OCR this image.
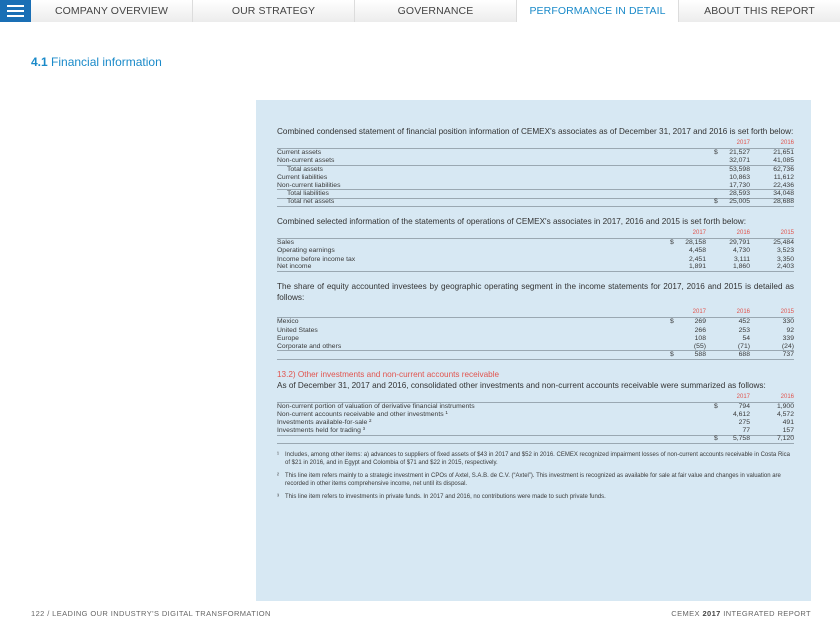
COMPANY OVERVIEW	OUR STRATEGY	GOVERNANCE	PERFORMANCE IN DETAIL	ABOUT THIS REPORT
4.1 Financial information

Combined condensed statement of financial position information of CEMEX's associates as of December 31, 2017 and 2016 is set forth below:

2017	2016
Current assets	$	21,527	21,651
Non-current assets	32,071	41,085
Total assets	53,598	62,736
Current liabilities	10,863	11,612
Non-current liabilities	17,730	22,436
Total liabilities	28,593	34,048
Total net assets	$	25,005	28,688

Combined selected information of the statements of operations of CEMEX's associates in 2017, 2016 and 2015 is set forth below:

2017	2016	2015
Sales	$	28,158	29,791	25,484
Operating earnings	4,458	4,730	3,523
Income before income tax	2,451	3,111	3,350
Net income	1,891	1,860	2,403

The share of equity accounted investees by geographic operating segment in the income statements for 2017, 2016 and 2015 is detailed as follows:

2017	2016	2015
Mexico	$	269	452	330
United States	266	253	92
Europe	108	54	339
Corporate and others	(55)	(71)	(24)
$	588	688	737

13.2) Other investments and non-current accounts receivable

As of December 31, 2017 and 2016, consolidated other investments and non-current accounts receivable were summarized as follows:

2017	2016
Non-current portion of valuation of derivative financial instruments	$	794	1,900
Non-current accounts receivable and other investments ¹	4,612	4,572
Investments available-for-sale ²	275	491
Investments held for trading ³	77	157
$	5,758	7,120
¹	Includes, among other items: a) advances to suppliers of fixed assets of $43 in 2017 and $52 in 2016. CEMEX recognized impairment losses of non-current accounts receivable in Costa Rica of $21 in 2016, and in Egypt and Colombia of $71 and $22 in 2015, respectively.
²	This line item refers mainly to a strategic investment in CPOs of Axtel, S.A.B. de C.V. (“Axtel”). This investment is recognized as available for sale at fair value and changes in valuation are recorded in other items comprehensive income, net until its disposal.
³	This line item refers to investments in private funds. In 2017 and 2016, no contributions were made to such private funds.
122 / LEADING OUR INDUSTRY'S DIGITAL TRANSFORMATION	CEMEX 2017 INTEGRATED REPORT
